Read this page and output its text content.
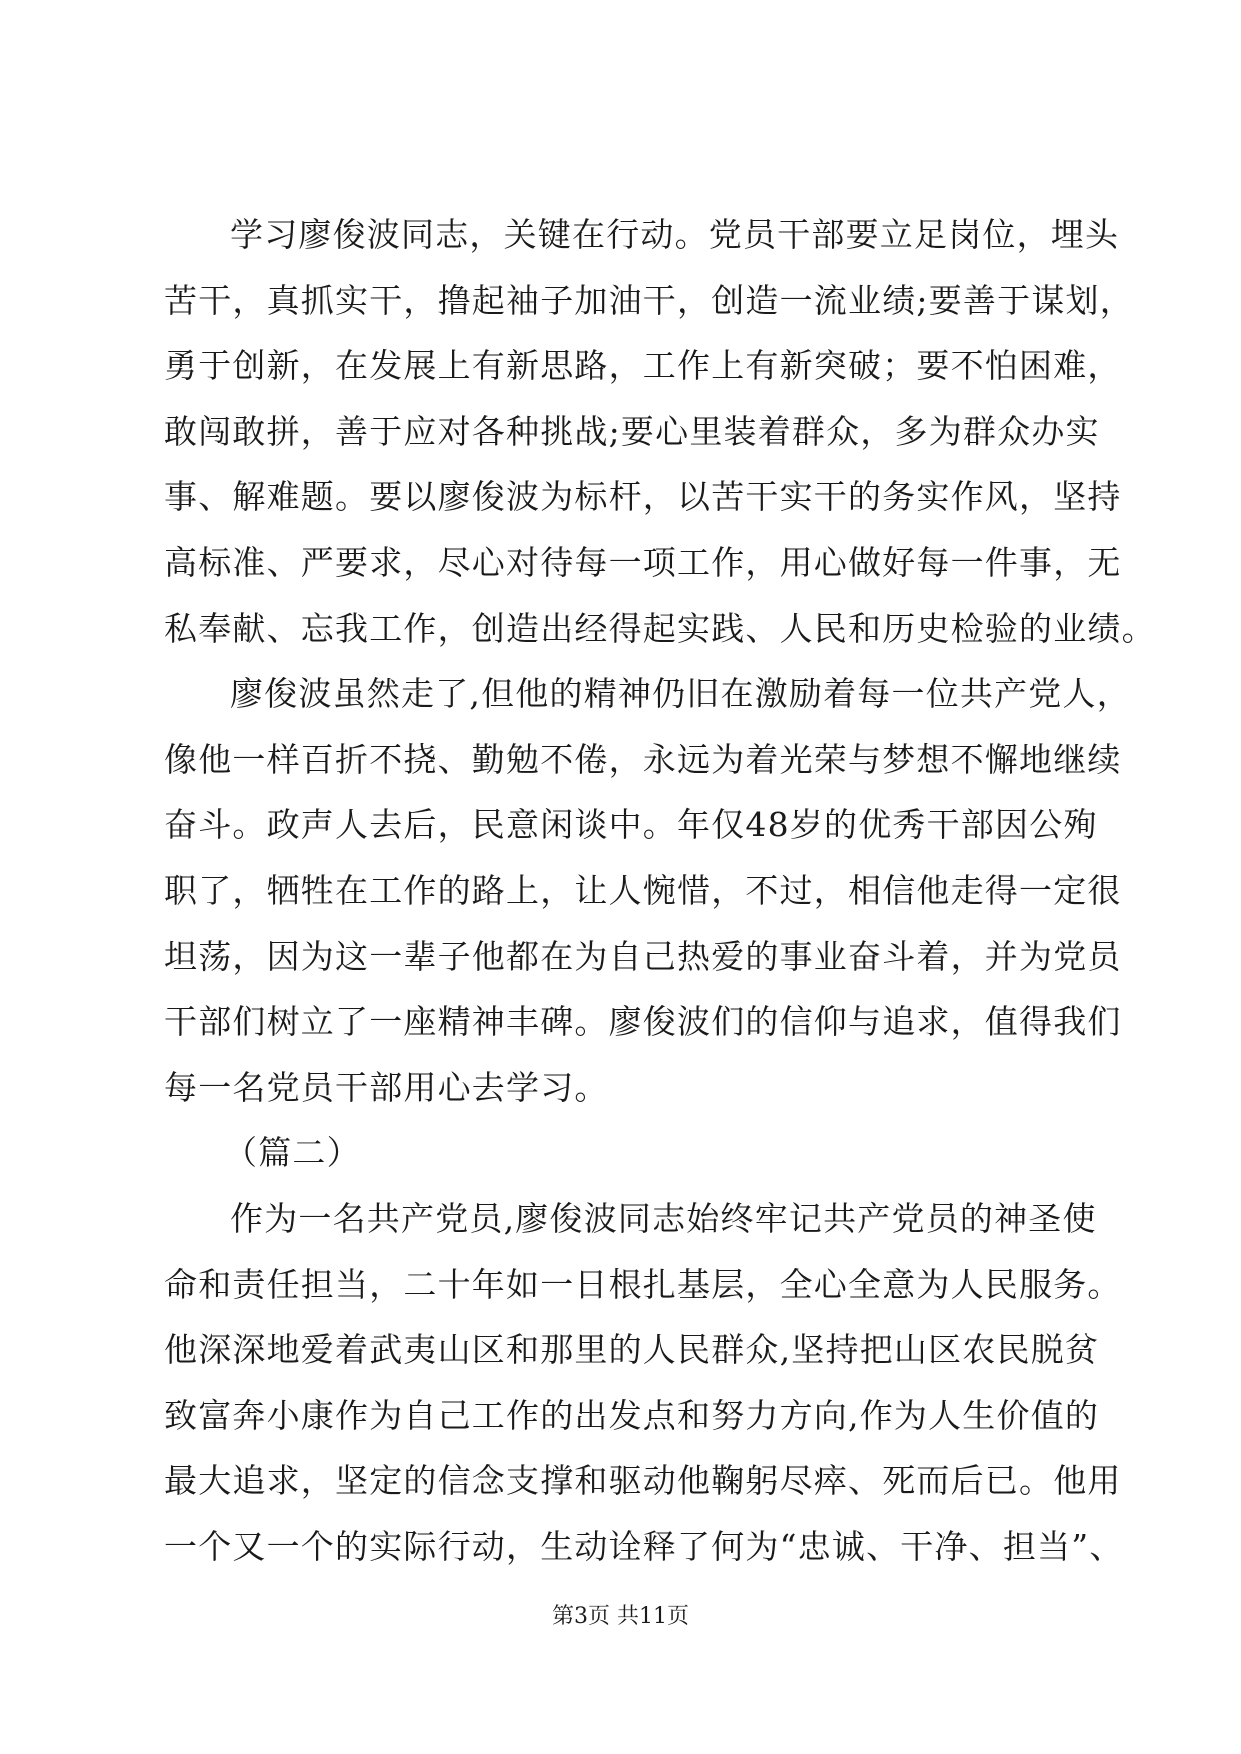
学习廖俊波同志，关键在行动。党员干部要立足岗位，埋头
苦干，真抓实干，撸起袖子加油干，创造一流业绩;要善于谋划，
勇于创新，在发展上有新思路，工作上有新突破；要不怕困难，
敢闯敢拼，善于应对各种挑战;要心里装着群众，多为群众办实
事、解难题。要以廖俊波为标杆，以苦干实干的务实作风，坚持
高标准、严要求，尽心对待每一项工作，用心做好每一件事，无
私奉献、忘我工作，创造出经得起实践、人民和历史检验的业绩。
廖俊波虽然走了,但他的精神仍旧在激励着每一位共产党人，
像他一样百折不挠、勤勉不倦，永远为着光荣与梦想不懈地继续
奋斗。政声人去后，民意闲谈中。年仅48岁的优秀干部因公殉
职了，牺牲在工作的路上，让人惋惜，不过，相信他走得一定很
坦荡，因为这一辈子他都在为自己热爱的事业奋斗着，并为党员
干部们树立了一座精神丰碑。廖俊波们的信仰与追求，值得我们
每一名党员干部用心去学习。
（篇二）
作为一名共产党员,廖俊波同志始终牢记共产党员的神圣使
命和责任担当，二十年如一日根扎基层，全心全意为人民服务。
他深深地爱着武夷山区和那里的人民群众,坚持把山区农民脱贫
致富奔小康作为自己工作的出发点和努力方向,作为人生价值的
最大追求，坚定的信念支撑和驱动他鞠躬尽瘁、死而后已。他用
一个又一个的实际行动，生动诠释了何为“忠诚、干净、担当”、
第3页 共11页
